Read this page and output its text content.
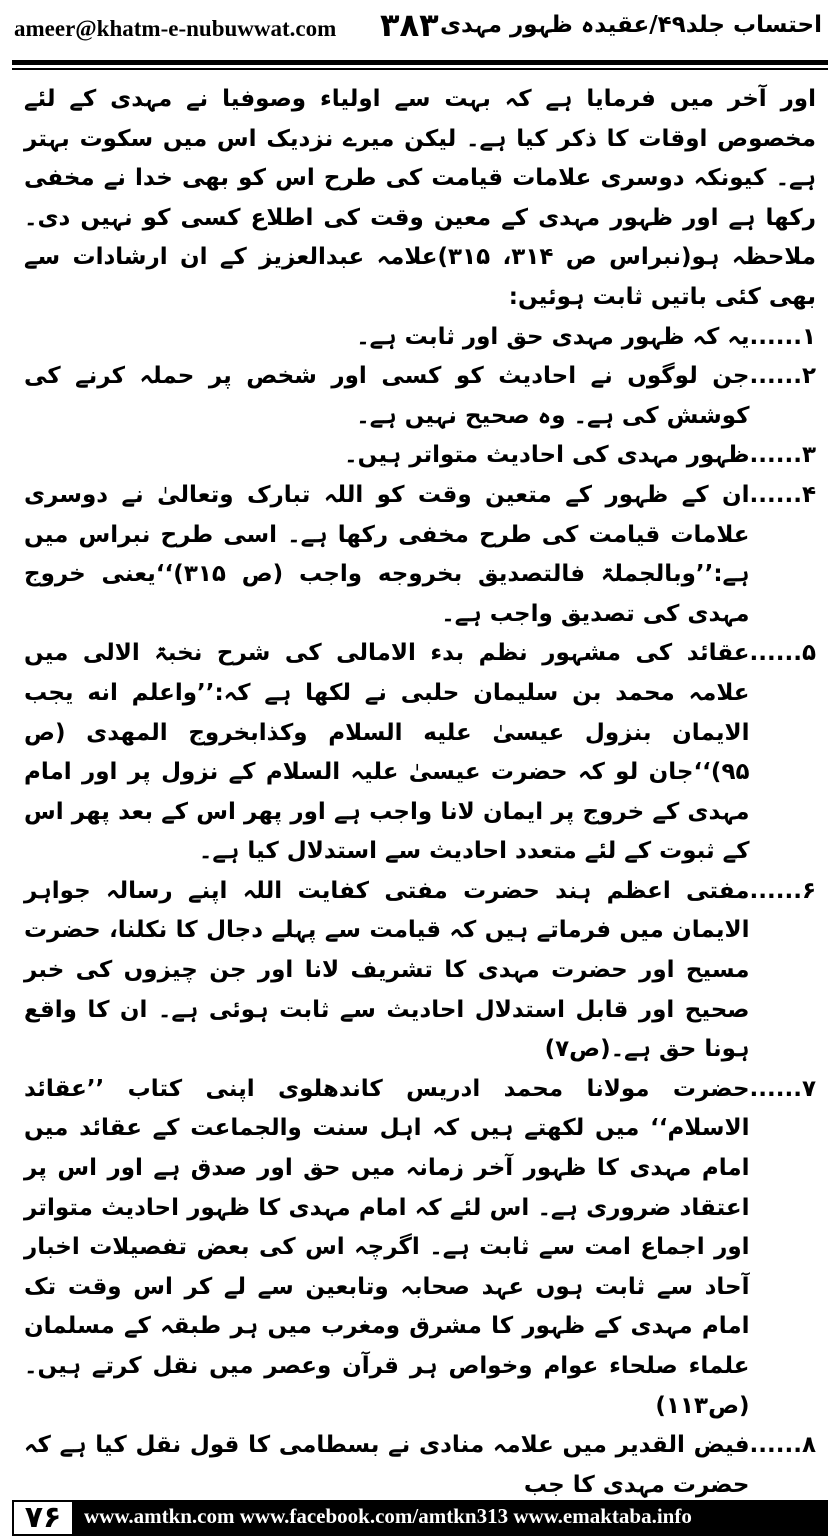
ameer@khatm-e-nubuwwat.com ۳۸۳ احتساب جلد۴۹/عقیدہ ظہور مہدی

اور آخر میں فرمایا ہے کہ بہت سے اولیاء وصوفیا نے مہدی کے لئے مخصوص اوقات کا ذکر کیا ہے۔ لیکن میرے نزدیک اس میں سکوت بہتر ہے۔ کیونکہ دوسری علامات قیامت کی طرح اس کو بھی خدا نے مخفی رکھا ہے اور ظہور مہدی کے معین وقت کی اطلاع کسی کو نہیں دی۔ ملاحظہ ہو(نبراس ص ۳۱۴، ۳۱۵)علامہ عبدالعزیز کے ان ارشادات سے بھی کئی باتیں ثابت ہوئیں:

۱......
یہ کہ ظہور مہدی حق اور ثابت ہے۔
۲......
جن لوگوں نے احادیث کو کسی اور شخص پر حملہ کرنے کی کوشش کی ہے۔ وہ صحیح نہیں ہے۔
۳......
ظہور مہدی کی احادیث متواتر ہیں۔
۴......
ان کے ظہور کے متعین وقت کو اللہ تبارک وتعالیٰ نے دوسری علامات قیامت کی طرح مخفی رکھا ہے۔ اسی طرح نبراس میں ہے:’’وبالجملۃ فالتصدیق بخروجه واجب (ص ۳۱۵)‘‘یعنی خروج مہدی کی تصدیق واجب ہے۔
۵......
عقائد کی مشہور نظم بدء الامالی کی شرح نخبۃ الالی میں علامہ محمد بن سلیمان حلبی نے لکھا ہے کہ:’’واعلم انه یجب الایمان بنزول عیسیٰ علیه السلام وکذابخروج المهدی (ص ۹۵)‘‘جان لو کہ حضرت عیسیٰ علیہ السلام کے نزول پر اور امام مہدی کے خروج پر ایمان لانا واجب ہے اور پھر اس کے بعد پھر اس کے ثبوت کے لئے متعدد احادیث سے استدلال کیا ہے۔
۶......
مفتی اعظم ہند حضرت مفتی کفایت اللہ اپنے رسالہ جواہر الایمان میں فرماتے ہیں کہ قیامت سے پہلے دجال کا نکلنا، حضرت مسیح اور حضرت مہدی کا تشریف لانا اور جن چیزوں کی خبر صحیح اور قابل استدلال احادیث سے ثابت ہوئی ہے۔ ان کا واقع ہونا حق ہے۔(ص۷)
۷......
حضرت مولانا محمد ادریس کاندھلوی اپنی کتاب ’’عقائد الاسلام‘‘ میں لکھتے ہیں کہ اہل سنت والجماعت کے عقائد میں امام مہدی کا ظہور آخر زمانہ میں حق اور صدق ہے اور اس پر اعتقاد ضروری ہے۔ اس لئے کہ امام مہدی کا ظہور احادیث متواتر اور اجماع امت سے ثابت ہے۔ اگرچہ اس کی بعض تفصیلات اخبار آحاد سے ثابت ہوں عہد صحابہ وتابعین سے لے کر اس وقت تک امام مہدی کے ظہور کا مشرق ومغرب میں ہر طبقہ کے مسلمان علماء صلحاء عوام وخواص ہر قرآن وعصر میں نقل کرتے ہیں۔(ص۱۱۳)
۸......
فیض القدیر میں علامہ منادی نے بسطامی کا قول نقل کیا ہے کہ حضرت مہدی کا جب
۷۶	www.amtkn.com www.facebook.com/amtkn313 www.emaktaba.info
